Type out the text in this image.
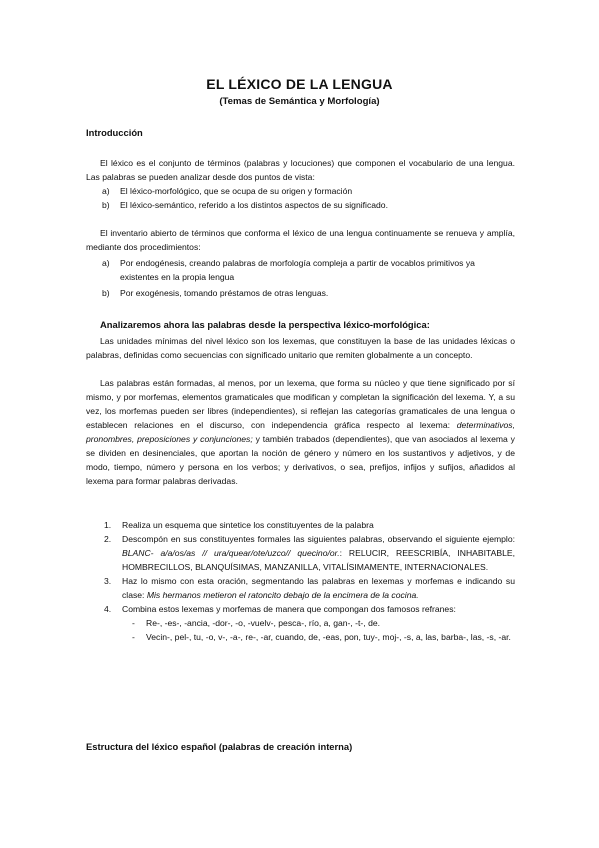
EL LÉXICO DE LA LENGUA
(Temas de Semántica y Morfología)
Introducción
El léxico es el conjunto de términos (palabras y locuciones) que componen el vocabulario de una lengua. Las palabras se pueden analizar desde dos puntos de vista:
a) El léxico-morfológico, que se ocupa de su origen y formación
b) El léxico-semántico, referido a los distintos aspectos de su significado.
El inventario abierto de términos que conforma el léxico de una lengua continuamente se renueva y amplía, mediante dos procedimientos:
a) Por endogénesis, creando palabras de morfología compleja a partir de vocablos primitivos ya existentes en la propia lengua
b) Por exogénesis, tomando préstamos de otras lenguas.
Analizaremos ahora las palabras desde la perspectiva léxico-morfológica:
Las unidades mínimas del nivel léxico son los lexemas, que constituyen la base de las unidades léxicas o palabras, definidas como secuencias con significado unitario que remiten globalmente a un concepto.
Las palabras están formadas, al menos, por un lexema, que forma su núcleo y que tiene significado por sí mismo, y por morfemas, elementos gramaticales que modifican y completan la significación del lexema. Y, a su vez, los morfemas pueden ser libres (independientes), si reflejan las categorías gramaticales de una lengua o establecen relaciones en el discurso, con independencia gráfica respecto al lexema: determinativos, pronombres, preposiciones y conjunciones; y también trabados (dependientes), que van asociados al lexema y se dividen en desinenciales, que aportan la noción de género y número en los sustantivos y adjetivos, y de modo, tiempo, número y persona en los verbos; y derivativos, o sea, prefijos, infijos y sufijos, añadidos al lexema para formar palabras derivadas.
1. Realiza un esquema que sintetice los constituyentes de la palabra
2. Descompón en sus constituyentes formales las siguientes palabras, observando el siguiente ejemplo: BLANC- a/a/os/as // ura/quear/ote/uzco// quecino/or.: RELUCIR, REESCRIBÍA, INHABITABLE, HOMBRECILLOS, BLANQUÍSIMAS, MANZANILLA, VITALÍSIMAMENTE, INTERNACIONALES.
3. Haz lo mismo con esta oración, segmentando las palabras en lexemas y morfemas e indicando su clase: Mis hermanos metieron el ratoncito debajo de la encimera de la cocina.
4. Combina estos lexemas y morfemas de manera que compongan dos famosos refranes:
- Re-, -es-, -ancia, -dor-, -o, -vuelv-, pesca-, río, a, gan-, -t-, de.
- Vecin-, pel-, tu, -o, v-, -a-, re-, -ar, cuando, de, -eas, pon, tuy-, moj-, -s, a, las, barba-, las, -s, -ar.
Estructura del léxico español (palabras de creación interna)
